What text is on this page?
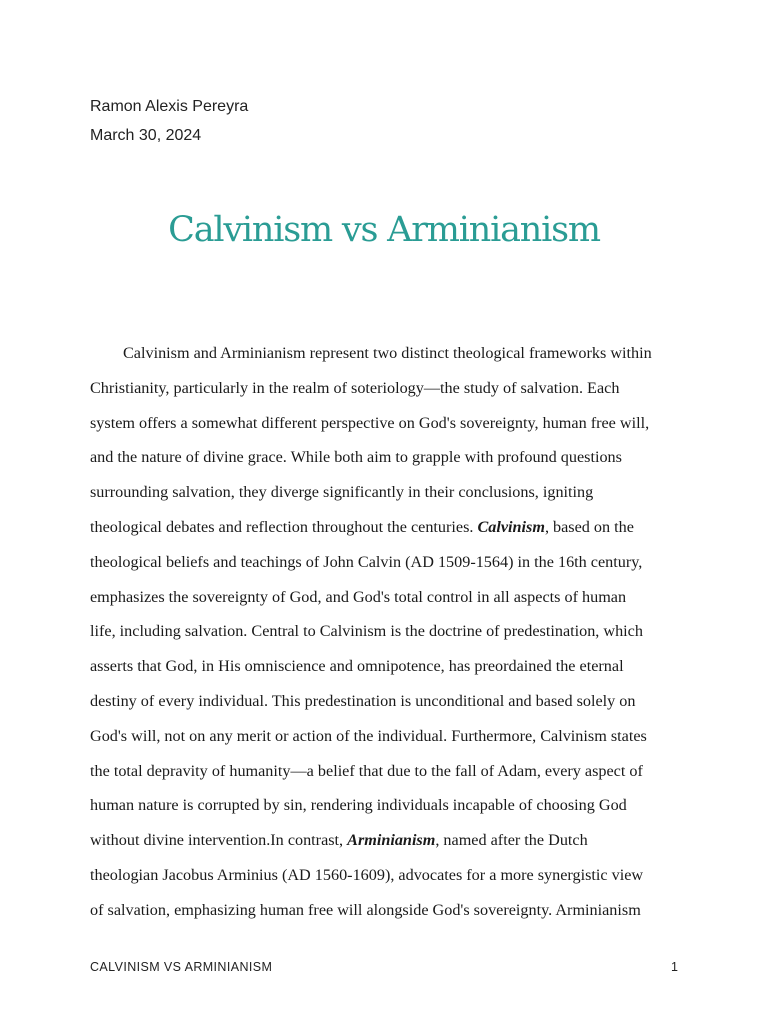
Ramon Alexis Pereyra
March 30, 2024
Calvinism vs Arminianism
Calvinism and Arminianism represent two distinct theological frameworks within
Christianity, particularly in the realm of soteriology—the study of salvation. Each
system offers a somewhat different perspective on God's sovereignty, human free will,
and the nature of divine grace. While both aim to grapple with profound questions
surrounding salvation, they diverge significantly in their conclusions, igniting
theological debates and reflection throughout the centuries. Calvinism, based on the
theological beliefs and teachings of John Calvin (AD 1509-1564) in the 16th century,
emphasizes the sovereignty of God, and God's total control in all aspects of human
life, including salvation. Central to Calvinism is the doctrine of predestination, which
asserts that God, in His omniscience and omnipotence, has preordained the eternal
destiny of every individual. This predestination is unconditional and based solely on
God's will, not on any merit or action of the individual. Furthermore, Calvinism states
the total depravity of humanity—a belief that due to the fall of Adam, every aspect of
human nature is corrupted by sin, rendering individuals incapable of choosing God
without divine intervention.In contrast, Arminianism, named after the Dutch
theologian Jacobus Arminius (AD 1560-1609), advocates for a more synergistic view
of salvation, emphasizing human free will alongside God's sovereignty. Arminianism
CALVINISM VS ARMINIANISM	1
